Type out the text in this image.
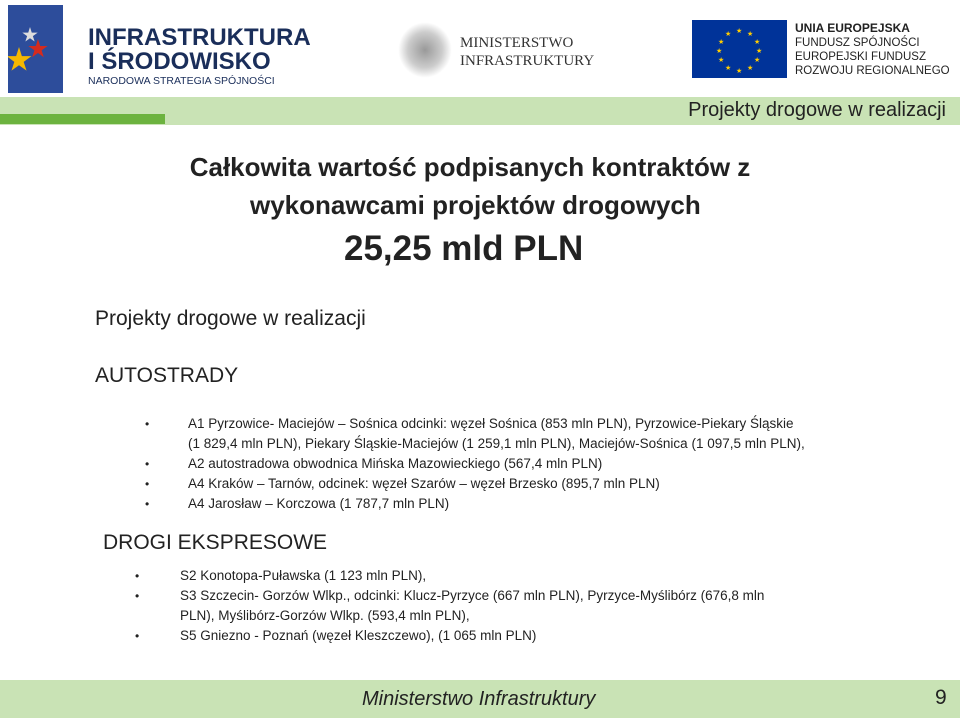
INFRASTRUKTURA
I ŚRODOWISKO
NARODOWA STRATEGIA SPÓJNOŚCI
MINISTERSTWO
INFRASTRUKTURY
★ ★
★
★
★
★
★
★
★
★
★
★	UNIA EUROPEJSKA
FUNDUSZ SPÓJNOŚCI
EUROPEJSKI FUNDUSZ
ROZWOJU REGIONALNEGO
Projekty drogowe w realizacji
Całkowita wartość podpisanych kontraktów z
wykonawcami projektów drogowych
25,25 mld PLN
Projekty drogowe w realizacji
AUTOSTRADY
•	A1 Pyrzowice- Maciejów – Sośnica odcinki: węzeł Sośnica (853 mln PLN), Pyrzowice-Piekary Śląskie
(1 829,4 mln PLN), Piekary Śląskie-Maciejów (1 259,1 mln PLN), Maciejów-Sośnica (1 097,5 mln PLN),
•	A2 autostradowa obwodnica Mińska Mazowieckiego (567,4 mln PLN)
•	A4 Kraków – Tarnów, odcinek: węzeł Szarów – węzeł Brzesko (895,7 mln PLN)
•	A4 Jarosław – Korczowa (1 787,7 mln PLN)
DROGI EKSPRESOWE
•	S2 Konotopa-Puławska (1 123 mln PLN),
•	S3 Szczecin- Gorzów Wlkp., odcinki: Klucz-Pyrzyce (667 mln PLN), Pyrzyce-Myślibórz (676,8 mln
PLN), Myślibórz-Gorzów Wlkp. (593,4 mln PLN),
•	S5 Gniezno - Poznań (węzeł Kleszczewo), (1 065 mln PLN)
Ministerstwo Infrastruktury	9
